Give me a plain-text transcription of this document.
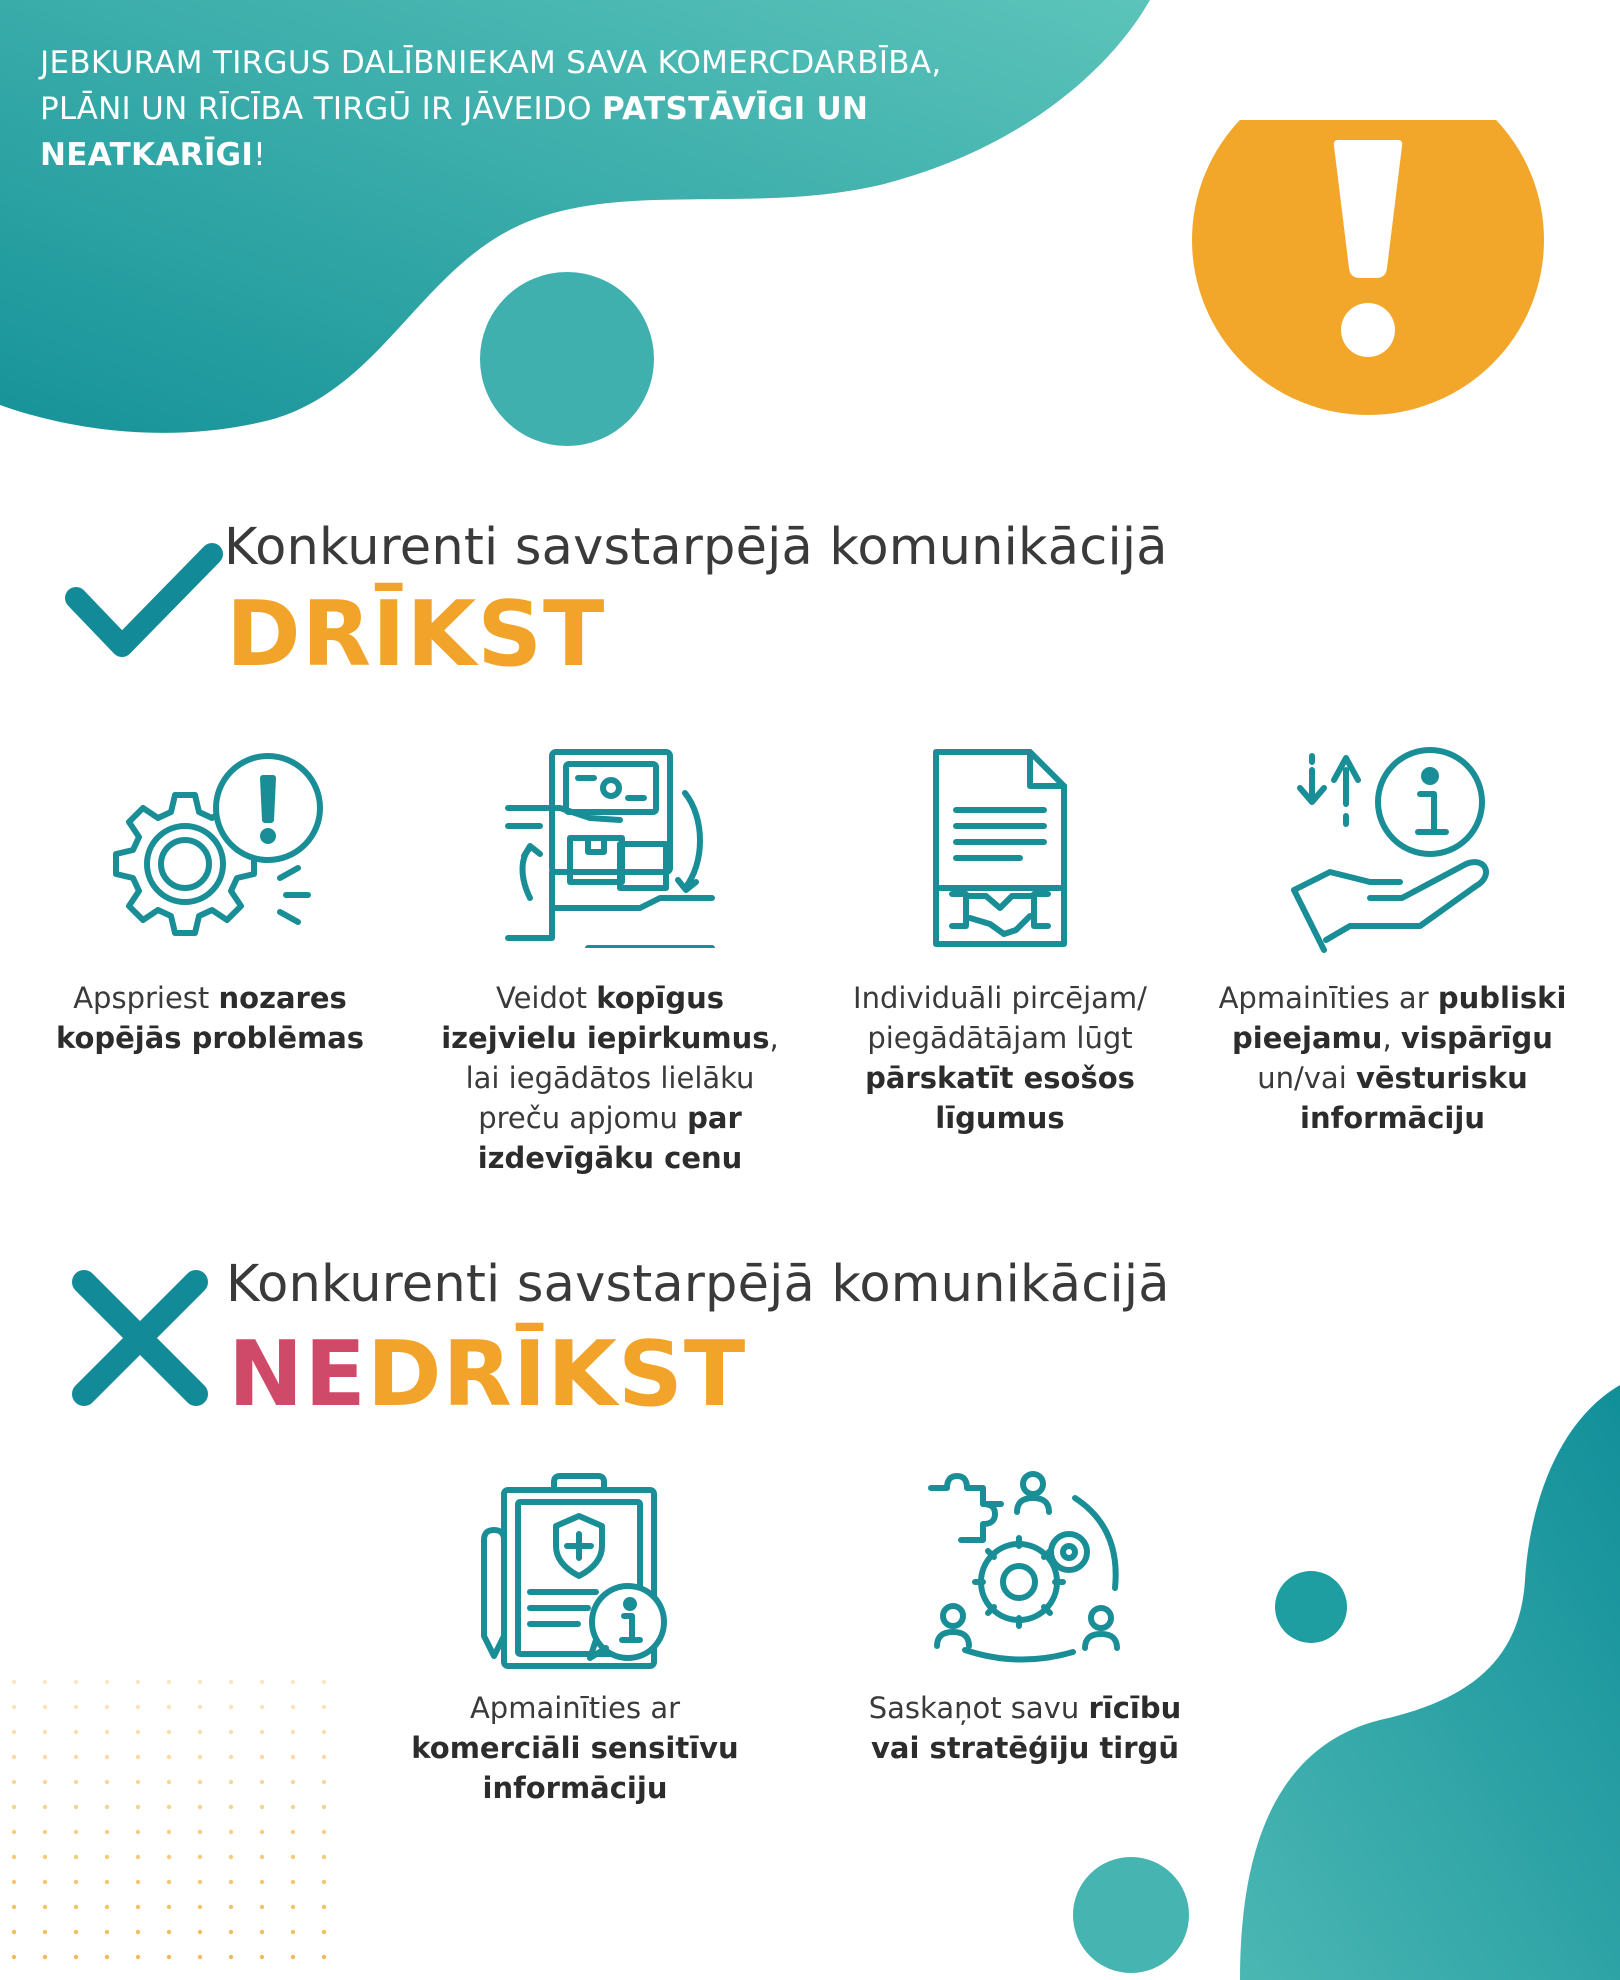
JEBKURAM TIRGUS DALĪBNIEKAM SAVA KOMERCDARBĪBA, PLĀNI UN RĪCĪBA TIRGŪ IR JĀVEIDO PATSTĀVĪGI UN NEATKARĪGI!
Konkurenti savstarpējā komunikācijā
DRĪKST
Apspriest nozares kopējās problēmas
Veidot kopīgus izejvielu iepirkumus, lai iegādātos lielāku preču apjomu par izdevīgāku cenu
Individuāli pircējam/ piegādātājam lūgt pārskatīt esošos līgumus
Apmainīties ar publiski pieejamu, vispārīgu un/vai vēsturisku informāciju
Konkurenti savstarpējā komunikācijā
NEDRĪKST
Apmainīties ar komerciāli sensitīvu informāciju
Saskaņot savu rīcību vai stratēģiju tirgū
